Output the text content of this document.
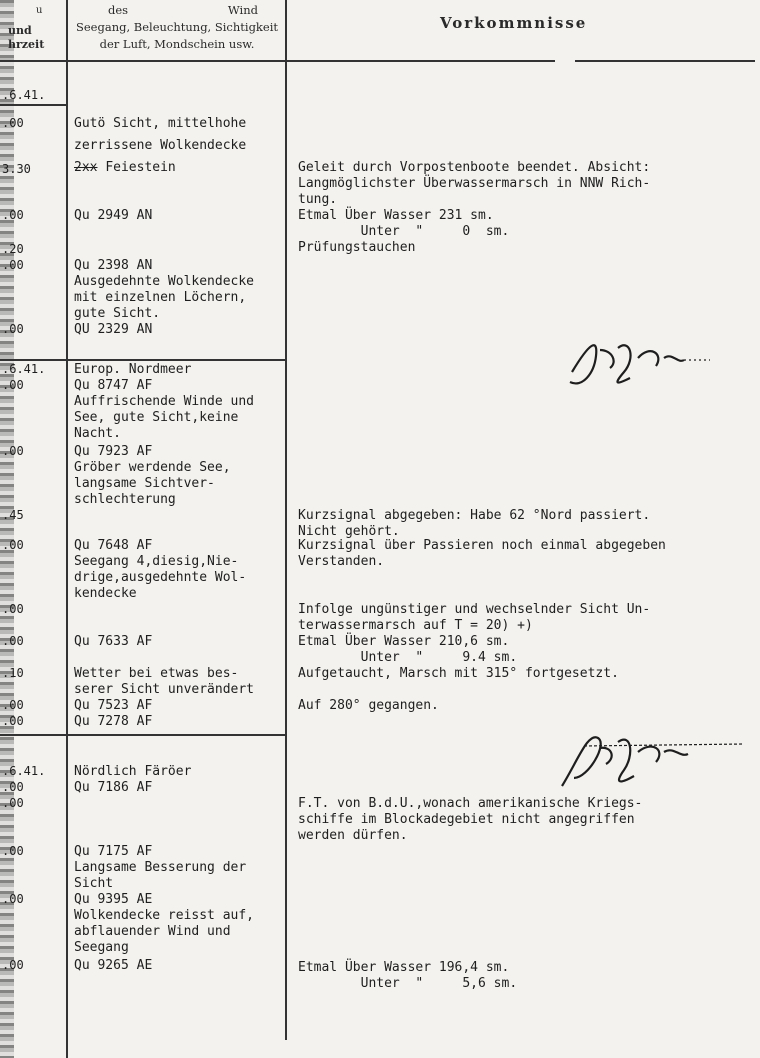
u
und
hrzeit
des	Wind
Seegang, Beleuchtung, Sichtigkeit
der Luft, Mondschein usw.
Vorkommnisse
.6.41.
.00
3.30
.00
.20
.00
.00
.6.41.
.00
.00
.45
.00
.00
.00
.10
.00
.00
.6.41.
.00
.00
.00
.00
.00
Gutö Sicht, mittelhohe
zerrissene Wolkendecke
2xx Feiestein
Qu 2949 AN
Qu 2398 AN
Ausgedehnte Wolkendecke
mit einzelnen Löchern,
gute Sicht.
QU 2329 AN
Europ. Nordmeer
Qu 8747 AF
Auffrischende Winde und
See, gute Sicht,keine
Nacht.
Qu 7923 AF
Gröber werdende See,
langsame Sichtver-
schlechterung
Qu 7648 AF
Seegang 4,diesig,Nie-
drige,ausgedehnte Wol-
kendecke
Qu 7633 AF
Wetter bei etwas bes-
serer Sicht unverändert
Qu 7523 AF
Qu 7278 AF
Nördlich Färöer
Qu 7186 AF
Qu 7175 AF
Langsame Besserung der
Sicht
Qu 9395 AE
Wolkendecke reisst auf,
abflauender Wind und
Seegang
Qu 9265 AE
Geleit durch Vorpostenboote beendet. Absicht:
Langmöglichster Überwassermarsch in NNW Rich-
tung.
Etmal Über Wasser 231 sm.
Unter  "     0  sm.
Prüfungstauchen
Kurzsignal abgegeben: Habe 62 °Nord passiert.
Nicht gehört.
Kurzsignal über Passieren noch einmal abgegeben
Verstanden.
Infolge ungünstiger und wechselnder Sicht Un-
terwassermarsch auf T = 20) +)
Etmal Über Wasser 210,6 sm.
Unter  "     9.4 sm.
Aufgetaucht, Marsch mit 315° fortgesetzt.
Auf 280° gegangen.
F.T. von B.d.U.,wonach amerikanische Kriegs-
schiffe im Blockadegebiet nicht angegriffen
werden dürfen.
Etmal Über Wasser 196,4 sm.
Unter  "     5,6 sm.
